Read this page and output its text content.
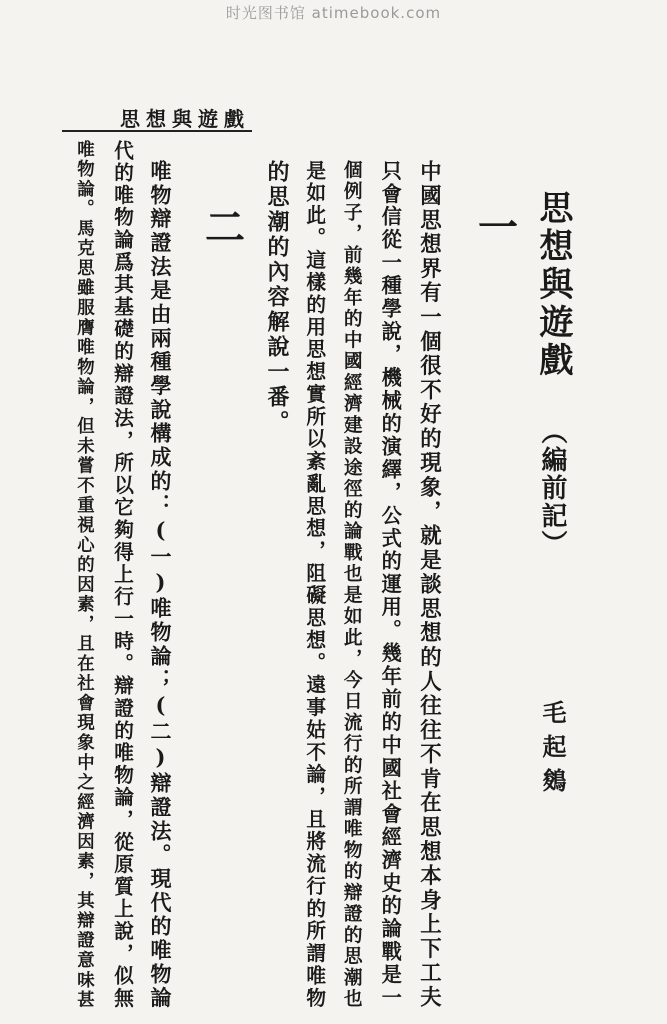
时光图书馆 atimebook.com
思想與遊戲
思想與遊戲
（編前記）
毛起鵕
一
中國思想界有一個很不好的現象，就是談思想的人往往不肯在思想本身上下工夫
只會信從一種學說，機械的演繹，公式的運用。幾年前的中國社會經濟史的論戰是一
個例子，前幾年的中國經濟建設途徑的論戰也是如此，今日流行的所謂唯物的辯證的思潮也
是如此。這樣的用思想實所以紊亂思想，阻礙思想。遠事姑不論，且將流行的所謂唯物
的思潮的內容解說一番。
二
唯物辯證法是由兩種學說構成的：(一)唯物論；(二)辯證法。現代的唯物論
代的唯物論爲其基礎的辯證法，所以它夠得上行一時。辯證的唯物論，從原質上說，似無
唯物論。馬克思雖服膺唯物論，但未嘗不重視心的因素，且在社會現象中之經濟因素，其辯證意味甚
